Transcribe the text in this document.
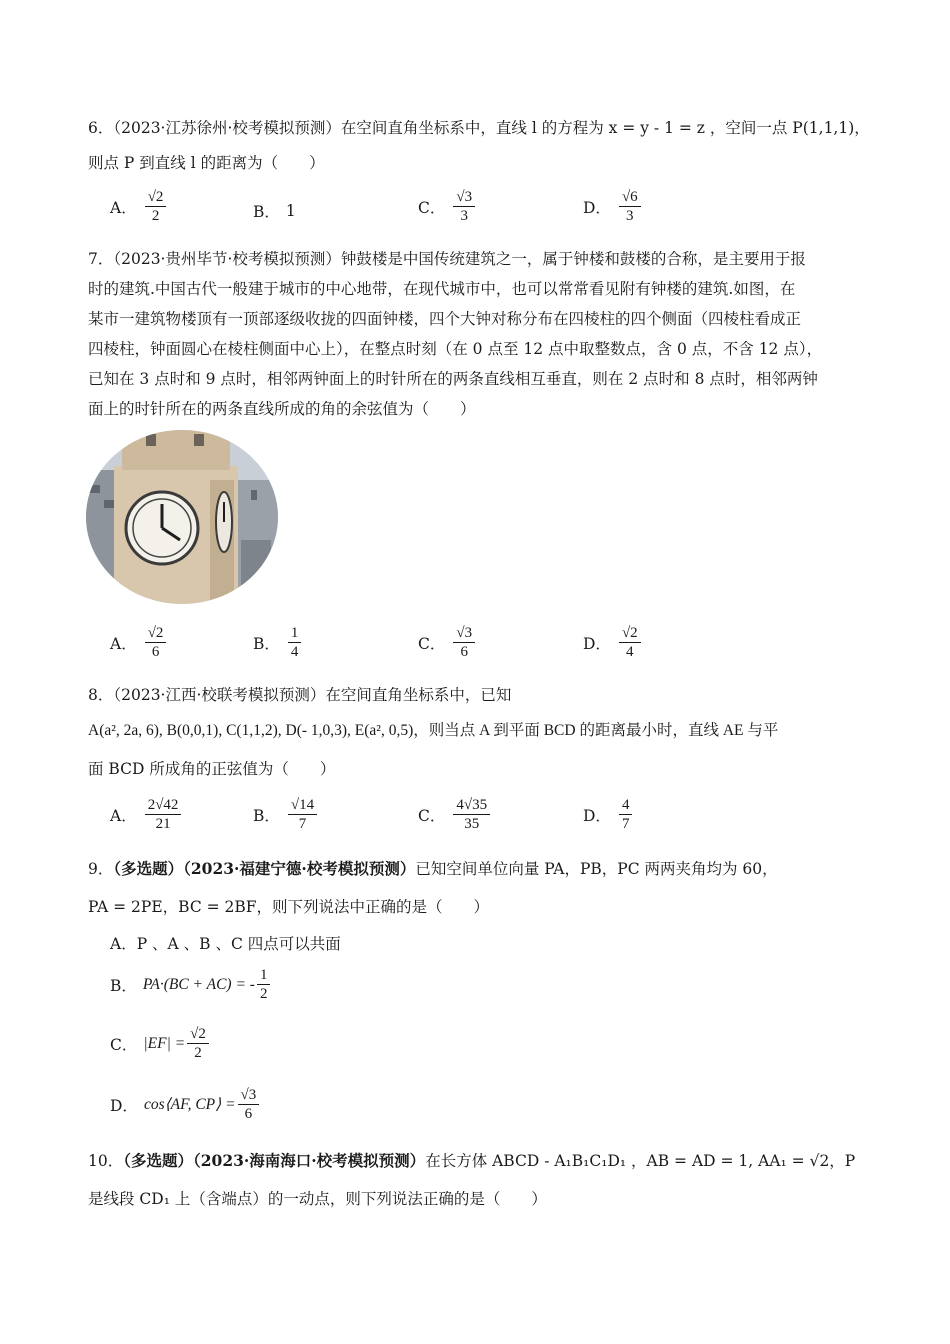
6．（2023·江苏徐州·校考模拟预测）在空间直角坐标系中，直线 l 的方程为 x = y - 1 = z ，空间一点 P(1,1,1)，
则点 P 到直线 l 的距离为（　　）
A． $\frac{√2}{2}$	B． 1	C． $\frac{√3}{3}$	D． $\frac{√6}{3}$
7．（2023·贵州毕节·校考模拟预测）钟鼓楼是中国传统建筑之一，属于钟楼和鼓楼的合称，是主要用于报
时的建筑.中国古代一般建于城市的中心地带，在现代城市中，也可以常常看见附有钟楼的建筑.如图，在
某市一建筑物楼顶有一顶部逐级收拢的四面钟楼，四个大钟对称分布在四棱柱的四个侧面（四棱柱看成正
四棱柱，钟面圆心在棱柱侧面中心上），在整点时刻（在 0 点至 12 点中取整数点，含 0 点，不含 12 点），
已知在 3 点时和 9 点时，相邻两钟面上的时针所在的两条直线相互垂直，则在 2 点时和 8 点时，相邻两钟
面上的时针所在的两条直线所成的角的余弦值为（　　）
A． $\frac{√2}{6}$	B． $\frac{1}{4}$	C． $\frac{√3}{6}$	D． $\frac{√2}{4}$
8．（2023·江西·校联考模拟预测）在空间直角坐标系中，已知
A(a², 2a, 6), B(0,0,1), C(1,1,2), D(- 1,0,3), E(a², 0,5)，则当点 A 到平面 BCD 的距离最小时，直线 AE 与平
面 BCD 所成角的正弦值为（　　）
A． $\frac{2√42}{21}$	B． $\frac{√14}{7}$	C． $\frac{4√35}{35}$	D． $\frac{4}{7}$
9．（多选题）（2023·福建宁德·校考模拟预测）已知空间单位向量 PA，PB，PC 两两夹角均为 60，
PA = 2PE，BC = 2BF，则下列说法中正确的是（　　）
A．P 、A 、B 、C 四点可以共面
B． PA·(BC + AC) = - $\frac{1}{2}$
C． $|EF| = \frac{√2}{2}$
D． cos⟨AF, CP⟩ = $\frac{√3}{6}$
10．（多选题）（2023·海南海口·校考模拟预测）在长方体 ABCD - A₁B₁C₁D₁ ，AB = AD = 1, AA₁ = √2，P
是线段 CD₁ 上（含端点）的一动点，则下列说法正确的是（　　）
